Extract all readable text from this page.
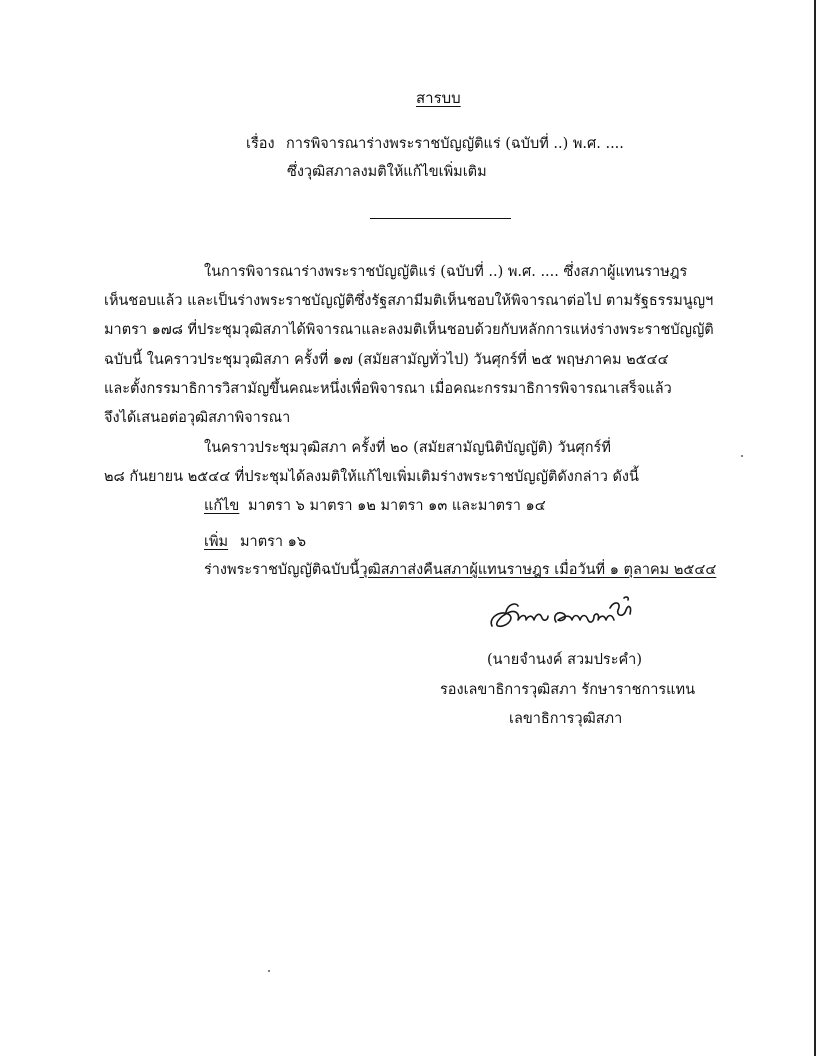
สารบบ
เรื่อง การพิจารณาร่างพระราชบัญญัติแร่ (ฉบับที่ ..) พ.ศ. ....
ซึ่งวุฒิสภาลงมติให้แก้ไขเพิ่มเติม
ในการพิจารณาร่างพระราชบัญญัติแร่ (ฉบับที่ ..) พ.ศ. .... ซึ่งสภาผู้แทนราษฎร
เห็นชอบแล้ว และเป็นร่างพระราชบัญญัติซึ่งรัฐสภามีมติเห็นชอบให้พิจารณาต่อไป ตามรัฐธรรมนูญฯ
มาตรา ๑๗๘ ที่ประชุมวุฒิสภาได้พิจารณาและลงมติเห็นชอบด้วยกับหลักการแห่งร่างพระราชบัญญัติ
ฉบับนี้ ในคราวประชุมวุฒิสภา ครั้งที่ ๑๗ (สมัยสามัญทั่วไป) วันศุกร์ที่ ๒๕ พฤษภาคม ๒๕๔๔
และตั้งกรรมาธิการวิสามัญขึ้นคณะหนึ่งเพื่อพิจารณา เมื่อคณะกรรมาธิการพิจารณาเสร็จแล้ว
จึงได้เสนอต่อวุฒิสภาพิจารณา
ในคราวประชุมวุฒิสภา ครั้งที่ ๒๐ (สมัยสามัญนิติบัญญัติ) วันศุกร์ที่
๒๘ กันยายน ๒๕๔๔ ที่ประชุมได้ลงมติให้แก้ไขเพิ่มเติมร่างพระราชบัญญัติดังกล่าว ดังนี้
แก้ไข มาตรา ๖ มาตรา ๑๒ มาตรา ๑๓ และมาตรา ๑๔
เพิ่ม มาตรา ๑๖
ร่างพระราชบัญญัติฉบับนี้วุฒิสภาส่งคืนสภาผู้แทนราษฎร เมื่อวันที่ ๑ ตุลาคม ๒๕๔๔
(นายจำนงค์ สวมประคำ)
รองเลขาธิการวุฒิสภา รักษาราชการแทน
เลขาธิการวุฒิสภา
